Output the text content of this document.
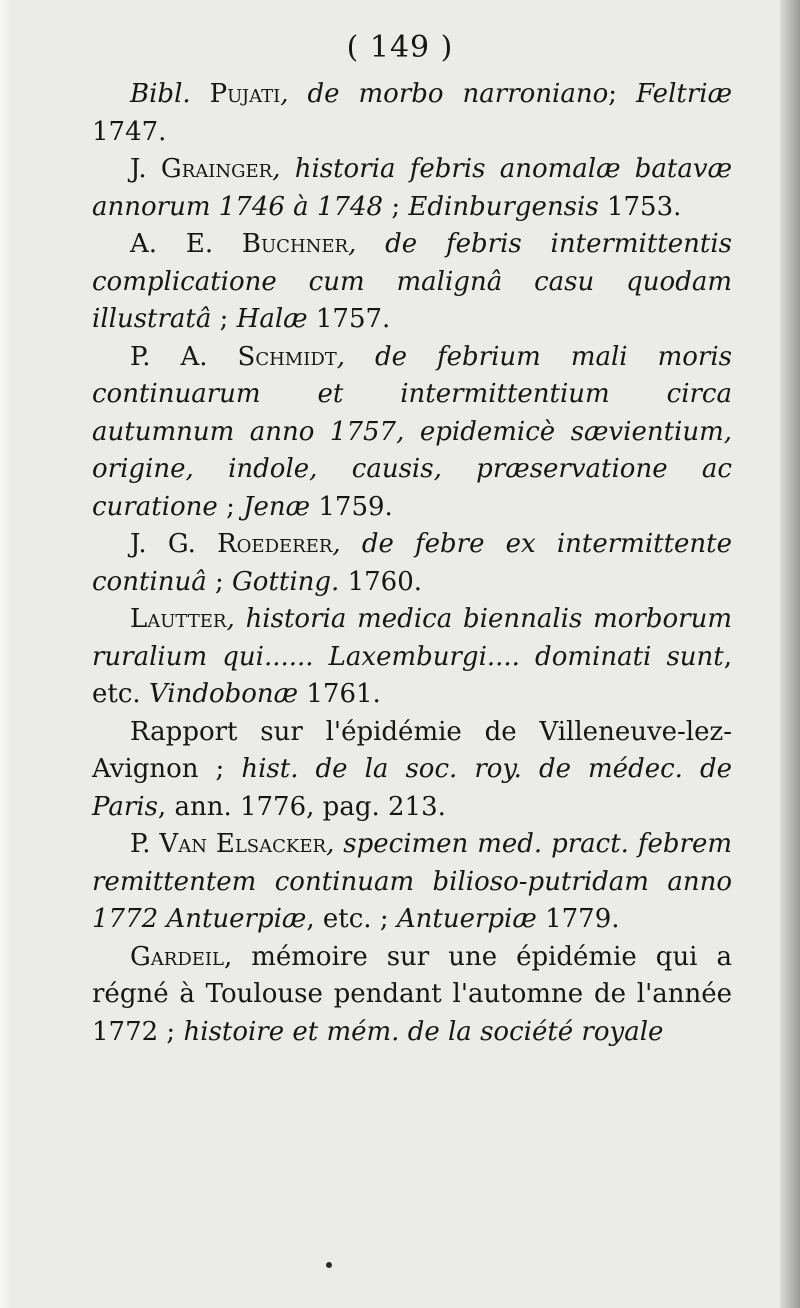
( 149 )

Bibl. Pujati, de morbo narroniano; Feltriæ 1747.

J. Grainger, historia febris anomalæ batavæ annorum 1746 à 1748 ; Edinburgensis 1753.

A. E. Buchner, de febris intermittentis complicatione cum malignâ casu quodam illustratâ ; Halæ 1757.

P. A. Schmidt, de febrium mali moris continuarum et intermittentium circa autumnum anno 1757, epidemicè sævientium, origine, indole, causis, præservatione ac curatione ; Jenæ 1759.

J. G. Roederer, de febre ex intermittente continuâ ; Gotting. 1760.

Lautter, historia medica biennalis morborum ruralium qui...... Laxemburgi.... dominati sunt, etc. Vindobonæ 1761.

Rapport sur l'épidémie de Villeneuve-lez-Avignon ; hist. de la soc. roy. de médec. de Paris, ann. 1776, pag. 213.

P. Van Elsacker, specimen med. pract. febrem remittentem continuam bilioso-putridam anno 1772 Antuerpiæ, etc. ; Antuerpiæ 1779.

Gardeil, mémoire sur une épidémie qui a régné à Toulouse pendant l'automne de l'année 1772 ; histoire et mém. de la société royale
